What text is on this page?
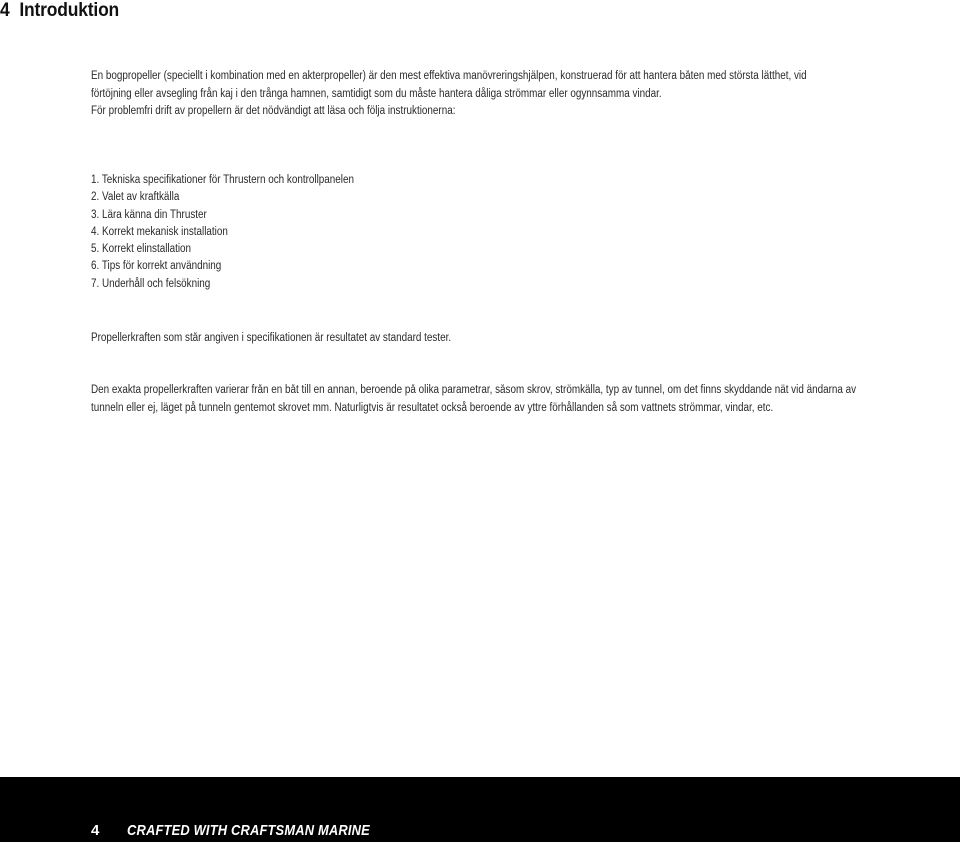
4 Introduktion
En bogpropeller (speciellt i kombination med en akterpropeller) är den mest effektiva manövreringshjälpen, konstruerad för att hantera båten med största lätthet, vid
förtöjning eller avsegling från kaj i den trånga hamnen, samtidigt som du måste hantera dåliga strömmar eller ogynnsamma vindar.
För problemfri drift av propellern är det nödvändigt att läsa och följa instruktionerna:
1. Tekniska specifikationer för Thrustern och kontrollpanelen
2. Valet av kraftkälla
3. Lära känna din Thruster
4. Korrekt mekanisk installation
5. Korrekt elinstallation
6. Tips för korrekt användning
7. Underhåll och felsökning
Propellerkraften som står angiven i specifikationen är resultatet av standard tester.
Den exakta propellerkraften varierar från en båt till en annan, beroende på olika parametrar, såsom skrov, strömkälla, typ av tunnel, om det finns skyddande nät vid ändarna av
tunneln eller ej, läget på tunneln gentemot skrovet mm. Naturligtvis är resultatet också beroende av yttre förhållanden så som vattnets strömmar, vindar, etc.
4 CRAFTED WITH CRAFTSMAN MARINE
